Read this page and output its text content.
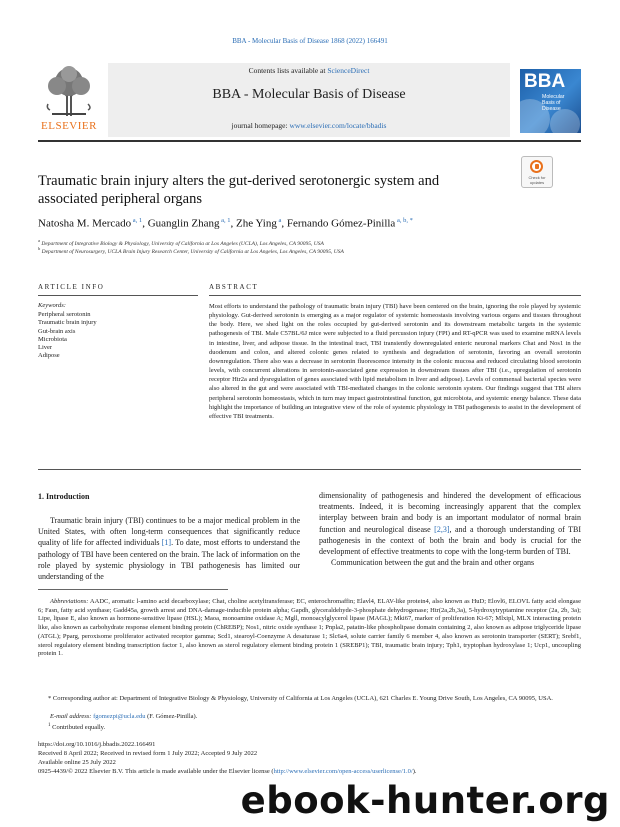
BBA - Molecular Basis of Disease 1868 (2022) 166491
ELSEVIER
Contents lists available at ScienceDirect
BBA - Molecular Basis of Disease
journal homepage: www.elsevier.com/locate/bbadis
BBA
Molecular
Basis of Disease
Check for
updates
Traumatic brain injury alters the gut-derived serotonergic system and associated peripheral organs
Natosha M. Mercado $^{a, 1}$, Guanglin Zhang $^{a, 1}$, Zhe Ying $^a$, Fernando Gómez-Pinilla $^{a, b, *}$
$^a$ Department of Integrative Biology & Physiology, University of California at Los Angeles (UCLA), Los Angeles, CA 90095, USA
$^b$ Department of Neurosurgery, UCLA Brain Injury Research Center, University of California at Los Angeles, Los Angeles, CA 90095, USA
ARTICLE INFO	ABSTRACT
Keywords:
Peripheral serotonin
Traumatic brain injury
Gut-brain axis
Microbiota
Liver
Adipose
Most efforts to understand the pathology of traumatic brain injury (TBI) have been centered on the brain, ignoring the role played by systemic physiology. Gut-derived serotonin is emerging as a major regulator of systemic homeostasis involving various organs and tissues throughout the body. Here, we shed light on the roles occupied by gut-derived serotonin and its downstream metabolic targets in the systemic pathogenesis of TBI. Male C57BL/6J mice were subjected to a fluid percussion injury (FPI) and RT-qPCR was used to examine mRNA levels in intestine, liver, and adipose tissue. In the intestinal tract, TBI transiently downregulated enteric neuronal markers Chat and Nos1 in the duodenum and colon, and altered colonic genes related to synthesis and degradation of serotonin, favoring an overall serotonin downregulation. There also was a decrease in serotonin fluorescence intensity in the colonic mucosa and reduced circulating blood serotonin levels, with concurrent alterations in serotonin-associated gene expression in downstream tissues after TBI (i.e., upregulation of serotonin receptor Htr2a and dysregulation of genes associated with lipid metabolism in liver and adipose). Levels of commensal bacterial species were also altered in the gut and were associated with TBI-mediated changes in the colonic serotonin system. Our findings suggest that TBI alters peripheral serotonin homeostasis, which in turn may impact gastrointestinal function, gut microbiota, and systemic energy balance. These data highlight the importance of building an integrative view of the role of systemic physiology in TBI pathogenesis to assist in the development of effective TBI treatments.
1. Introduction

Traumatic brain injury (TBI) continues to be a major medical problem in the United States, with often long-term consequences that significantly reduce quality of life for affected individuals [1]. To date, most efforts to understand the pathology of TBI have been centered on the brain. The lack of information on the role played by systemic physiology in TBI pathogenesis has limited our understanding of the

dimensionality of pathogenesis and hindered the development of efficacious treatments. Indeed, it is becoming increasingly apparent that the complex interplay between brain and body is an important modulator of normal brain function and neurological disease [2,3], and a thorough understanding of TBI pathogenesis in the context of both the brain and body is crucial for the development of effective treatments to cope with the long-term burden of TBI.

Communication between the gut and the brain and other organs

Abbreviations: AADC, aromatic l-amino acid decarboxylase; Chat, choline acetyltransferase; EC, enterochromaffin; Elavl4, ELAV-like protein4, also known as HuD; Elovl6, ELOVL fatty acid elongase 6; Fasn, fatty acid synthase; Gadd45a, growth arrest and DNA-damage-inducible protein alpha; Gapdh, glyceraldehyde-3-phosphate dehydrogenase; Htr(2a,2b,3a), 5-hydroxytryptamine receptor (2a, 2b, 3a); Lipe, lipase E, also known as hormone-sensitive lipase (HSL); Maoa, monoamine oxidase A; Mgll, monoacylglycerol lipase (MAGL); Mki67, marker of proliferation Ki-67; Mlxipl, MLX interacting protein like, also known as carbohydrate response element binding protein (ChREBP); Nos1, nitric oxide synthase 1; Pnpla2, patatin-like phospholipase domain containing 2, also known as adipose triglyceride lipase (ATGL); Pparg, peroxisome proliferator activated receptor gamma; Scd1, stearoyl-Coenzyme A desaturase 1; Slc6a4, solute carrier family 6 member 4, also known as serotonin transporter (SERT); Srebf1, sterol regulatory element binding transcription factor 1, also known as sterol regulatory element binding protein 1 (SREBP1); TBI, traumatic brain injury; Tph1, tryptophan hydroxylase 1; Ucp1, uncoupling protein 1.
* Corresponding author at: Department of Integrative Biology & Physiology, University of California at Los Angeles (UCLA), 621 Charles E. Young Drive South, Los Angeles, CA 90095, USA.
E-mail address: fgomezpi@ucla.edu (F. Gómez-Pinilla).
$^1$ Contributed equally.
https://doi.org/10.1016/j.bbadis.2022.166491
Received 8 April 2022; Received in revised form 1 July 2022; Accepted 9 July 2022
Available online 25 July 2022
0925-4439/© 2022 Elsevier B.V. This article is made available under the Elsevier license (http://www.elsevier.com/open-access/userlicense/1.0/).
ebook-hunter.org
